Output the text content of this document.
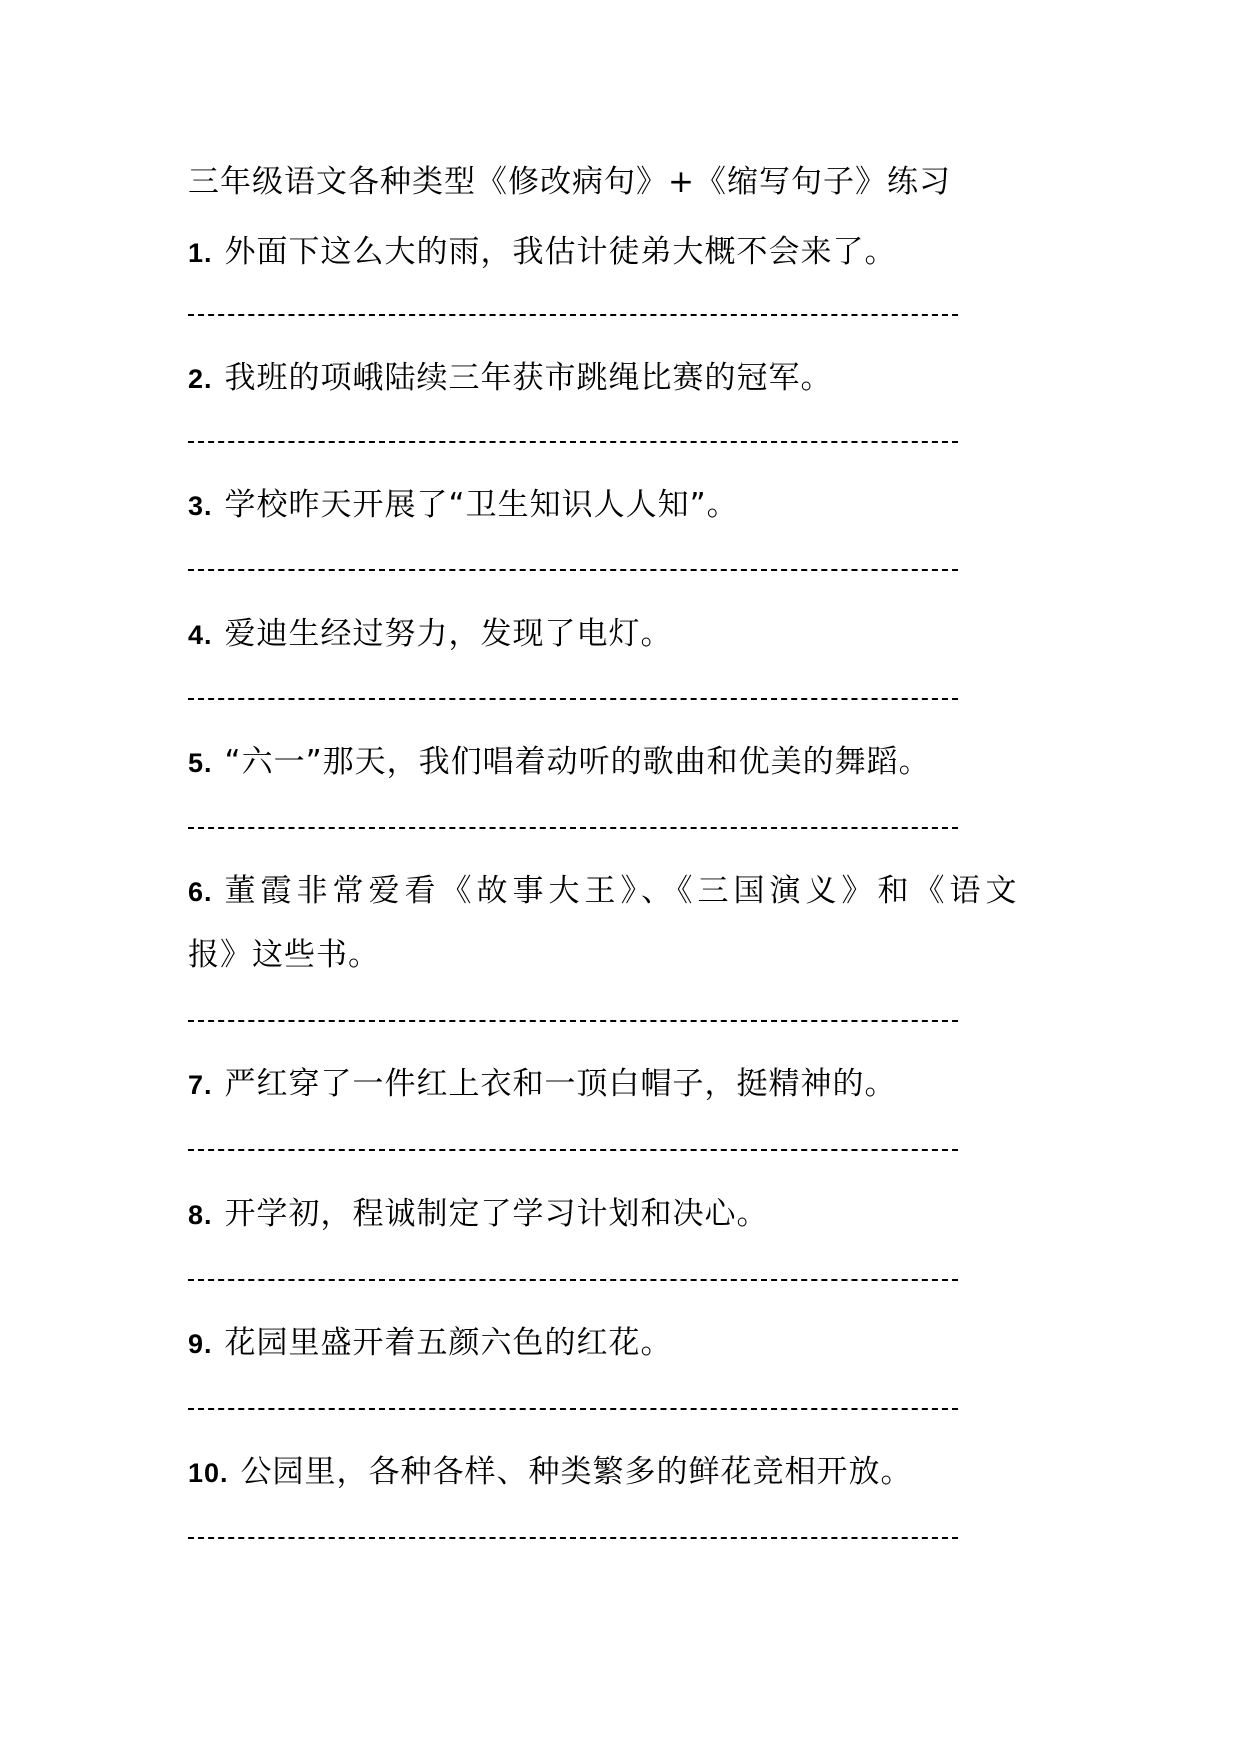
三年级语文各种类型《修改病句》+《缩写句子》练习
1. 外面下这么大的雨，我估计徒弟大概不会来了。
2. 我班的项峨陆续三年获市跳绳比赛的冠军。
3. 学校昨天开展了“卫生知识人人知”。
4. 爱迪生经过努力，发现了电灯。
5. “六一”那天，我们唱着动听的歌曲和优美的舞蹈。
6. 董霞非常爱看《故事大王》、《三国演义》和《语文
报》这些书。
7. 严红穿了一件红上衣和一顶白帽子，挺精神的。
8. 开学初，程诚制定了学习计划和决心。
9. 花园里盛开着五颜六色的红花。
10. 公园里，各种各样、种类繁多的鲜花竞相开放。
